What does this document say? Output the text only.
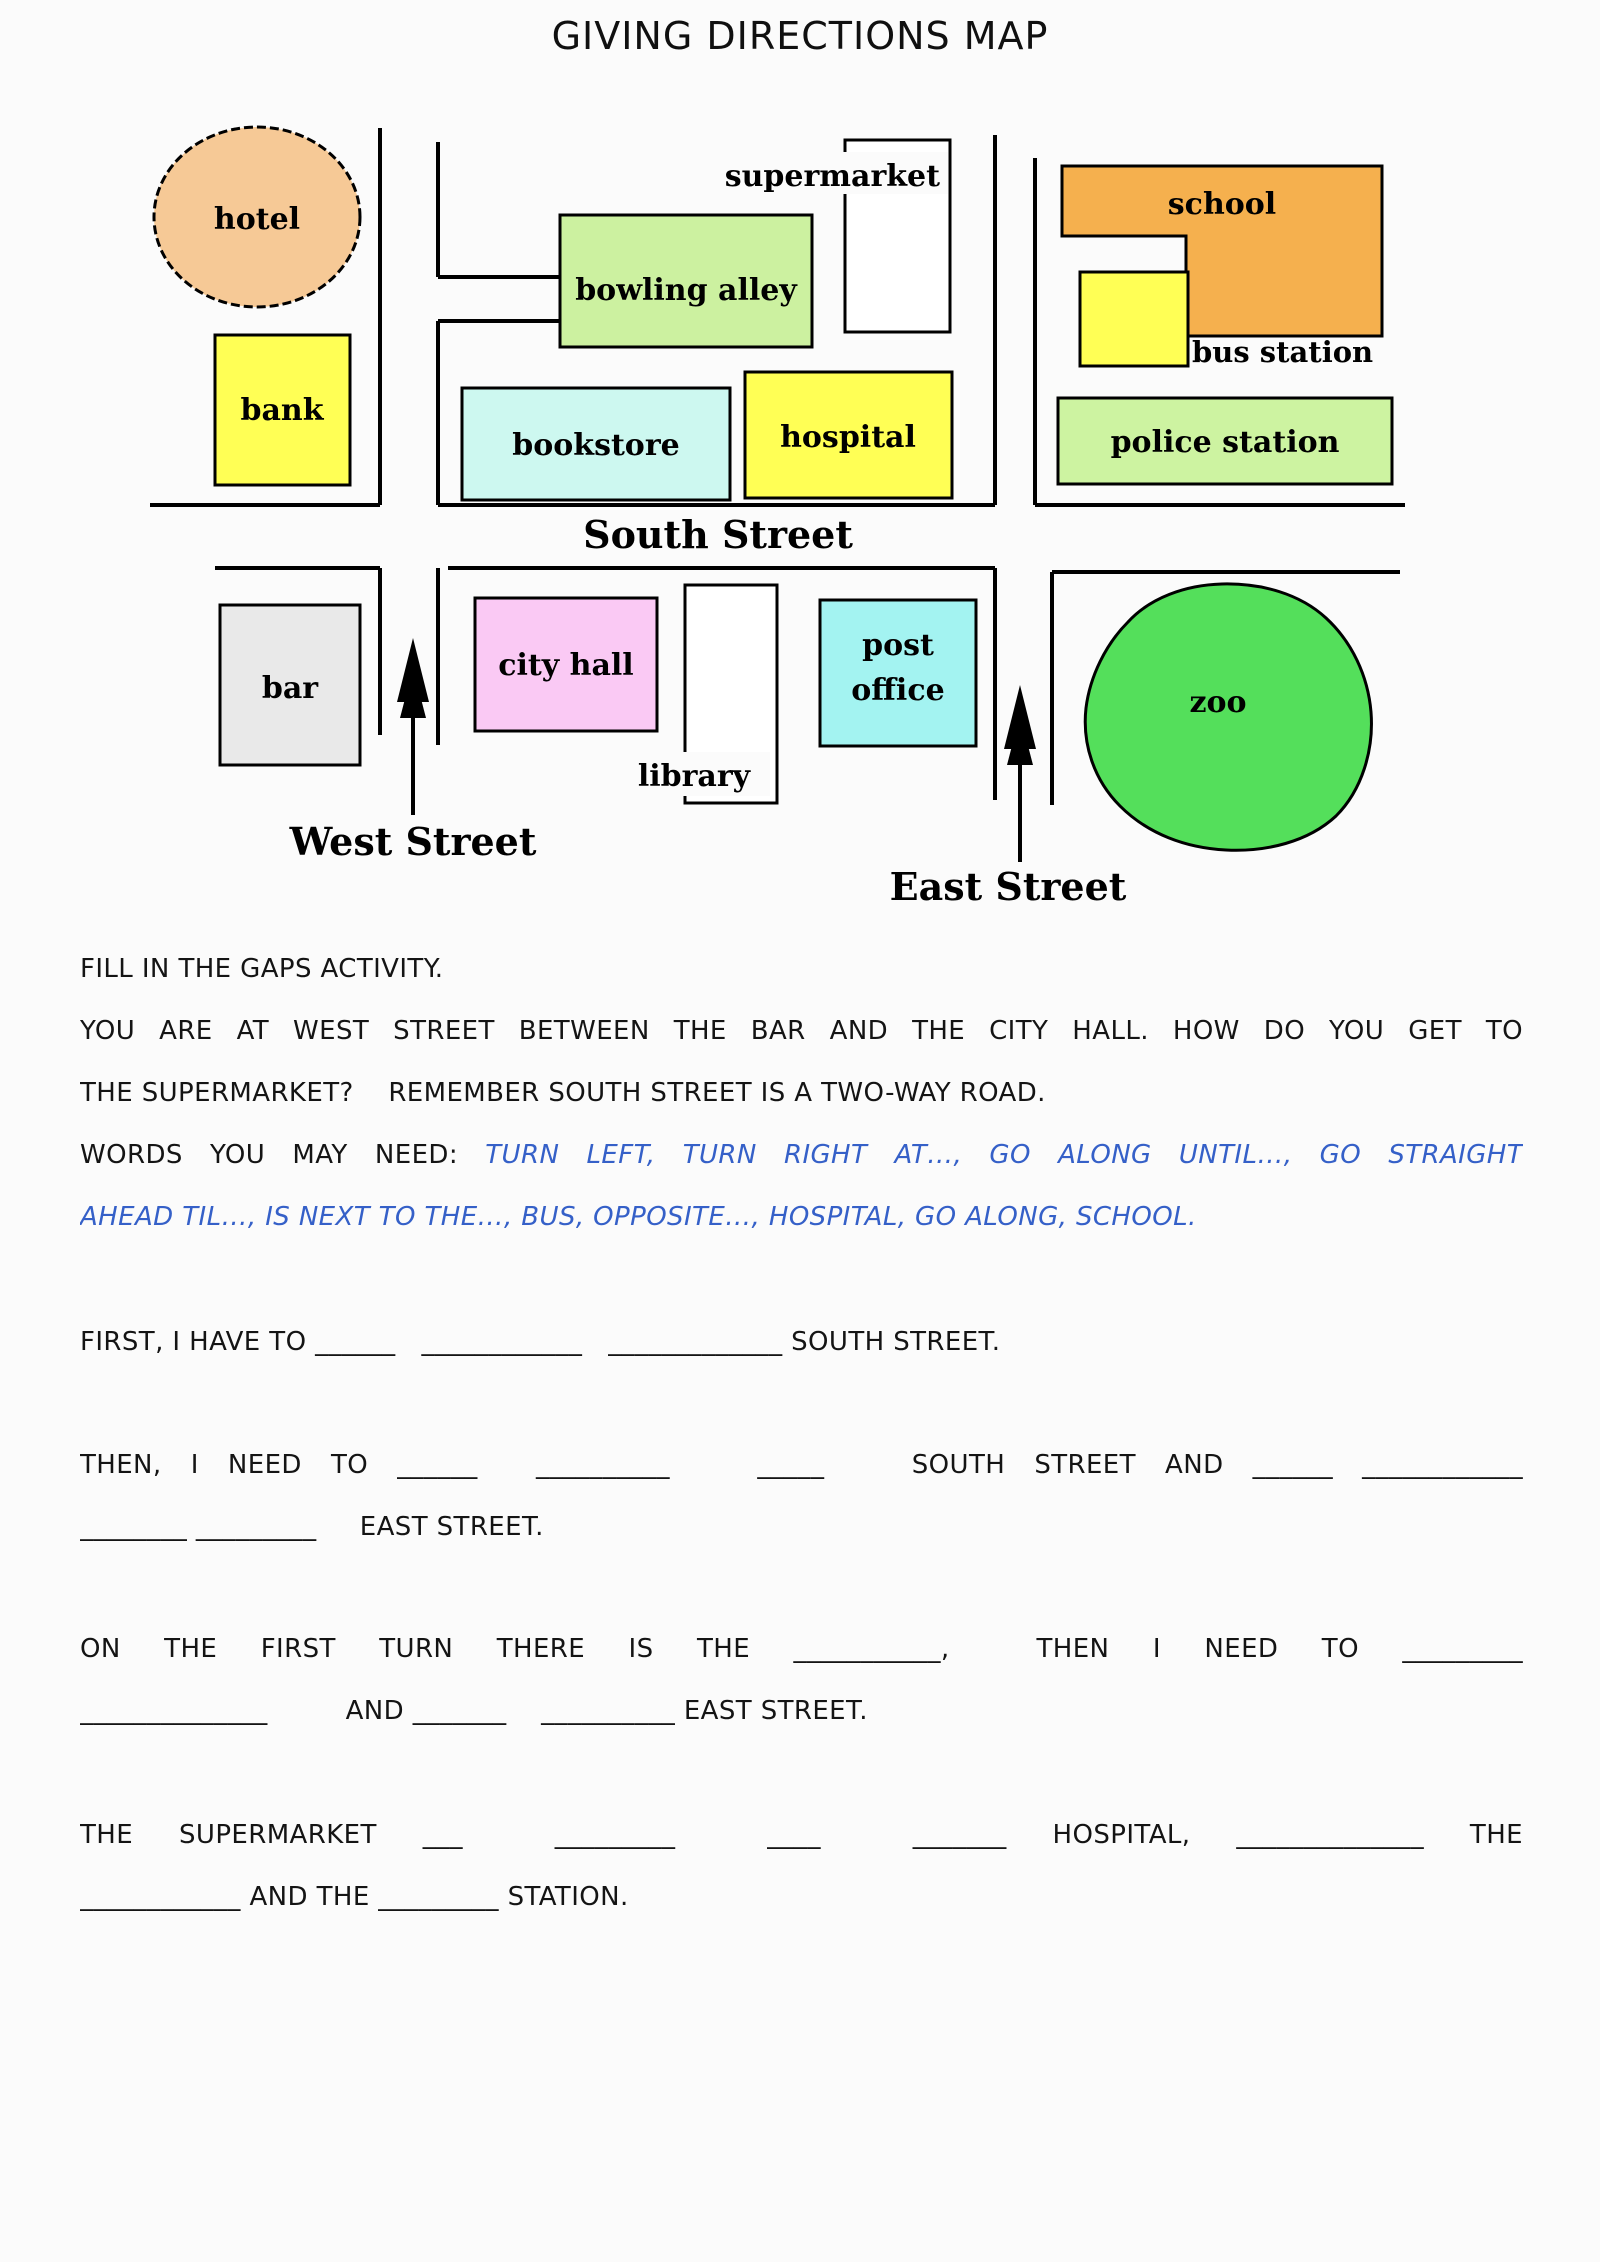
GIVING DIRECTIONS MAP
hotel
bank
bowling alley
supermarket
bookstore	hospital
school
bus station
police station
bar
city hall
library
post
office	zoo
South Street
West Street
East Street
FILL IN THE GAPS ACTIVITY.
YOU ARE AT WEST STREET BETWEEN THE BAR AND THE CITY HALL. HOW DO YOU GET TO
THE SUPERMARKET?    REMEMBER SOUTH STREET IS A TWO-WAY ROAD.
WORDS YOU MAY NEED: TURN LEFT, TURN RIGHT AT…, GO ALONG UNTIL…, GO STRAIGHT
AHEAD TIL…, IS NEXT TO THE…, BUS, OPPOSITE…, HOSPITAL, GO ALONG, SCHOOL.
FIRST, I HAVE TO ______   ____________   _____________ SOUTH STREET.
THEN, I NEED TO ______  __________   _____   SOUTH STREET AND ______ ____________
________ _________     EAST STREET.
ON THE FIRST TURN THERE IS THE ___________,  THEN I NEED TO _________
______________         AND _______    __________ EAST STREET.
THE SUPERMARKET ___  _________  ____  _______ HOSPITAL, ______________ THE
____________ AND THE _________ STATION.
